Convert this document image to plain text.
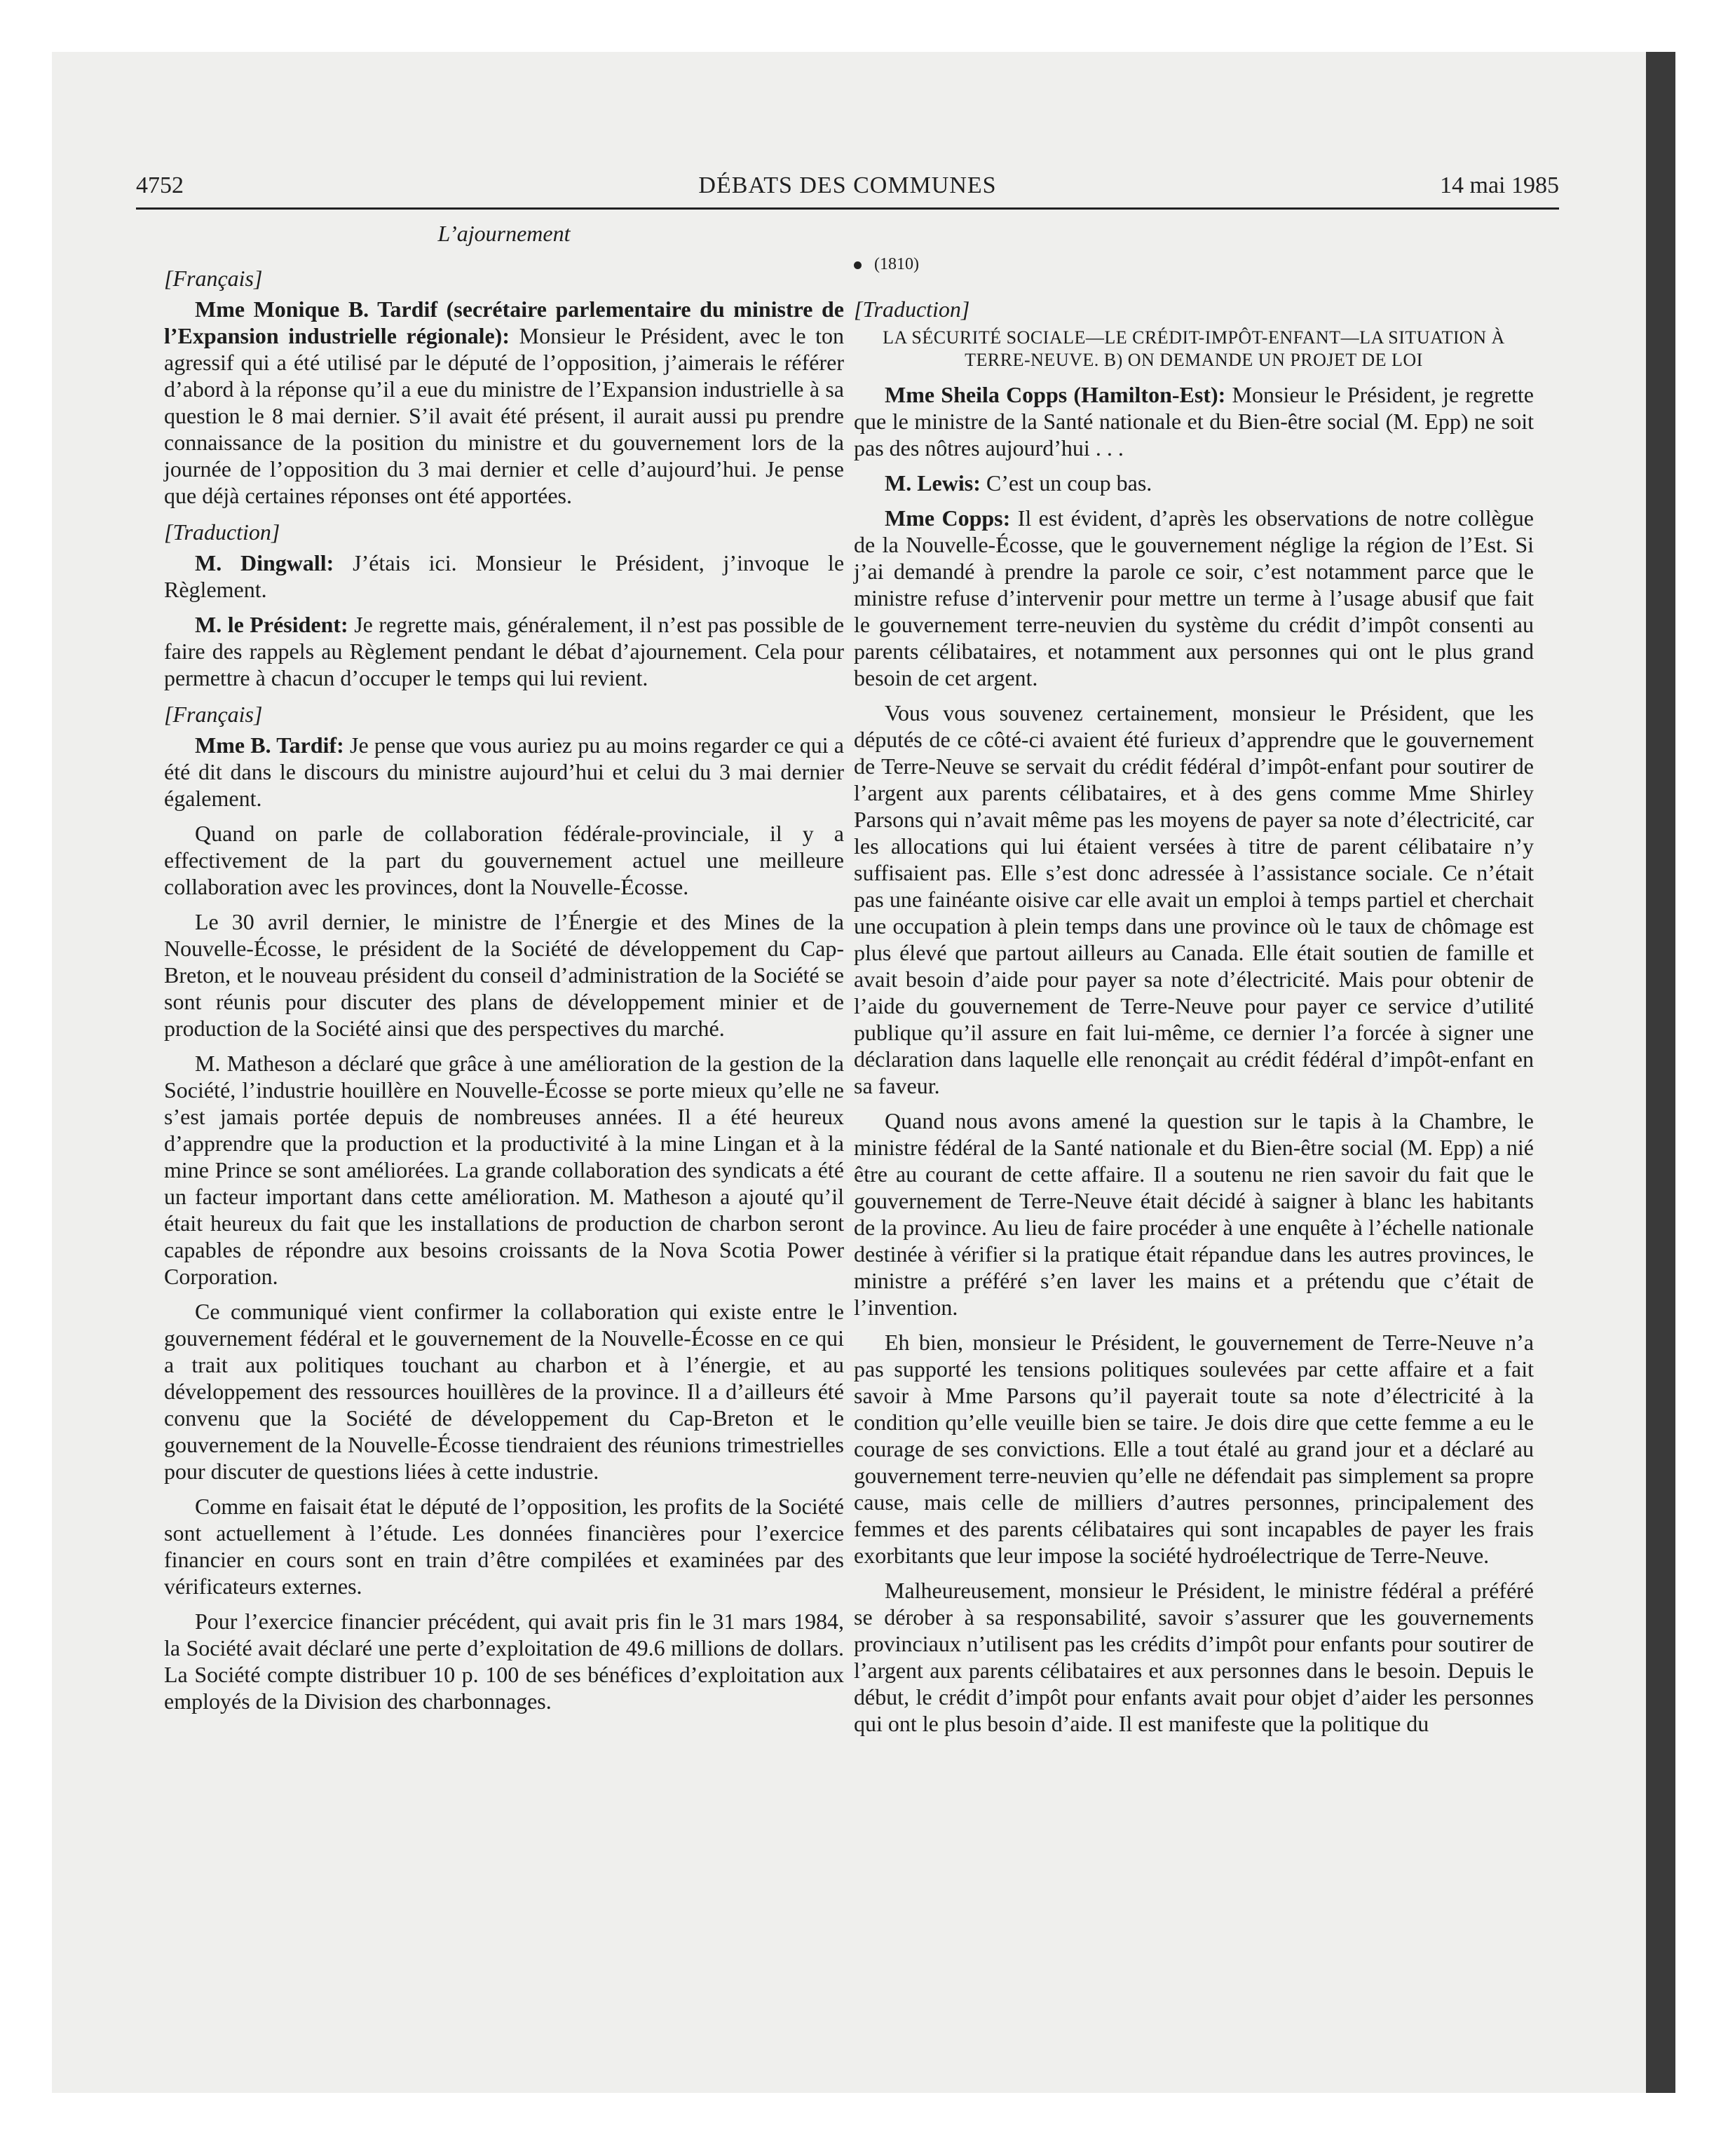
4752	DÉBATS DES COMMUNES	14 mai 1985
L’ajournement
[Français]

Mme Monique B. Tardif (secrétaire parlementaire du ministre de l’Expansion industrielle régionale): Monsieur le Président, avec le ton agressif qui a été utilisé par le député de l’opposition, j’aimerais le référer d’abord à la réponse qu’il a eue du ministre de l’Expansion industrielle à sa question le 8 mai dernier. S’il avait été présent, il aurait aussi pu prendre connaissance de la position du ministre et du gouvernement lors de la journée de l’opposition du 3 mai dernier et celle d’aujourd’hui. Je pense que déjà certaines réponses ont été apportées.

[Traduction]

M. Dingwall: J’étais ici. Monsieur le Président, j’invoque le Règlement.

M. le Président: Je regrette mais, généralement, il n’est pas possible de faire des rappels au Règlement pendant le débat d’ajournement. Cela pour permettre à chacun d’occuper le temps qui lui revient.

[Français]

Mme B. Tardif: Je pense que vous auriez pu au moins regarder ce qui a été dit dans le discours du ministre aujourd’hui et celui du 3 mai dernier également.

Quand on parle de collaboration fédérale-provinciale, il y a effectivement de la part du gouvernement actuel une meilleure collaboration avec les provinces, dont la Nouvelle-Écosse.

Le 30 avril dernier, le ministre de l’Énergie et des Mines de la Nouvelle-Écosse, le président de la Société de développement du Cap-Breton, et le nouveau président du conseil d’administration de la Société se sont réunis pour discuter des plans de développement minier et de production de la Société ainsi que des perspectives du marché.

M. Matheson a déclaré que grâce à une amélioration de la gestion de la Société, l’industrie houillère en Nouvelle-Écosse se porte mieux qu’elle ne s’est jamais portée depuis de nombreuses années. Il a été heureux d’apprendre que la production et la productivité à la mine Lingan et à la mine Prince se sont améliorées. La grande collaboration des syndicats a été un facteur important dans cette amélioration. M. Matheson a ajouté qu’il était heureux du fait que les installations de production de charbon seront capables de répondre aux besoins croissants de la Nova Scotia Power Corporation.

Ce communiqué vient confirmer la collaboration qui existe entre le gouvernement fédéral et le gouvernement de la Nouvelle-Écosse en ce qui a trait aux politiques touchant au charbon et à l’énergie, et au développement des ressources houillères de la province. Il a d’ailleurs été convenu que la Société de développement du Cap-Breton et le gouvernement de la Nouvelle-Écosse tiendraient des réunions trimestrielles pour discuter de questions liées à cette industrie.

Comme en faisait état le député de l’opposition, les profits de la Société sont actuellement à l’étude. Les données financières pour l’exercice financier en cours sont en train d’être compilées et examinées par des vérificateurs externes.

Pour l’exercice financier précédent, qui avait pris fin le 31 mars 1984, la Société avait déclaré une perte d’exploitation de 49.6 millions de dollars. La Société compte distribuer 10 p. 100 de ses bénéfices d’exploitation aux employés de la Division des charbonnages.

(1810)
[Traduction]
LA SÉCURITÉ SOCIALE—LE CRÉDIT-IMPÔT-ENFANT—LA SITUATION À TERRE-NEUVE. B) ON DEMANDE UN PROJET DE LOI

Mme Sheila Copps (Hamilton-Est): Monsieur le Président, je regrette que le ministre de la Santé nationale et du Bien-être social (M. Epp) ne soit pas des nôtres aujourd’hui . . .

M. Lewis: C’est un coup bas.

Mme Copps: Il est évident, d’après les observations de notre collègue de la Nouvelle-Écosse, que le gouvernement néglige la région de l’Est. Si j’ai demandé à prendre la parole ce soir, c’est notamment parce que le ministre refuse d’intervenir pour mettre un terme à l’usage abusif que fait le gouvernement terre-neuvien du système du crédit d’impôt consenti au parents célibataires, et notamment aux personnes qui ont le plus grand besoin de cet argent.

Vous vous souvenez certainement, monsieur le Président, que les députés de ce côté-ci avaient été furieux d’apprendre que le gouvernement de Terre-Neuve se servait du crédit fédéral d’impôt-enfant pour soutirer de l’argent aux parents célibataires, et à des gens comme Mme Shirley Parsons qui n’avait même pas les moyens de payer sa note d’électricité, car les allocations qui lui étaient versées à titre de parent célibataire n’y suffisaient pas. Elle s’est donc adressée à l’assistance sociale. Ce n’était pas une fainéante oisive car elle avait un emploi à temps partiel et cherchait une occupation à plein temps dans une province où le taux de chômage est plus élevé que partout ailleurs au Canada. Elle était soutien de famille et avait besoin d’aide pour payer sa note d’électricité. Mais pour obtenir de l’aide du gouvernement de Terre-Neuve pour payer ce service d’utilité publique qu’il assure en fait lui-même, ce dernier l’a forcée à signer une déclaration dans laquelle elle renonçait au crédit fédéral d’impôt-enfant en sa faveur.

Quand nous avons amené la question sur le tapis à la Chambre, le ministre fédéral de la Santé nationale et du Bien-être social (M. Epp) a nié être au courant de cette affaire. Il a soutenu ne rien savoir du fait que le gouvernement de Terre-Neuve était décidé à saigner à blanc les habitants de la province. Au lieu de faire procéder à une enquête à l’échelle nationale destinée à vérifier si la pratique était répandue dans les autres provinces, le ministre a préféré s’en laver les mains et a prétendu que c’était de l’invention.

Eh bien, monsieur le Président, le gouvernement de Terre-Neuve n’a pas supporté les tensions politiques soulevées par cette affaire et a fait savoir à Mme Parsons qu’il payerait toute sa note d’électricité à la condition qu’elle veuille bien se taire. Je dois dire que cette femme a eu le courage de ses convictions. Elle a tout étalé au grand jour et a déclaré au gouvernement terre-neuvien qu’elle ne défendait pas simplement sa propre cause, mais celle de milliers d’autres personnes, principalement des femmes et des parents célibataires qui sont incapables de payer les frais exorbitants que leur impose la société hydroélectrique de Terre-Neuve.

Malheureusement, monsieur le Président, le ministre fédéral a préféré se dérober à sa responsabilité, savoir s’assurer que les gouvernements provinciaux n’utilisent pas les crédits d’impôt pour enfants pour soutirer de l’argent aux parents célibataires et aux personnes dans le besoin. Depuis le début, le crédit d’impôt pour enfants avait pour objet d’aider les personnes qui ont le plus besoin d’aide. Il est manifeste que la politique du
